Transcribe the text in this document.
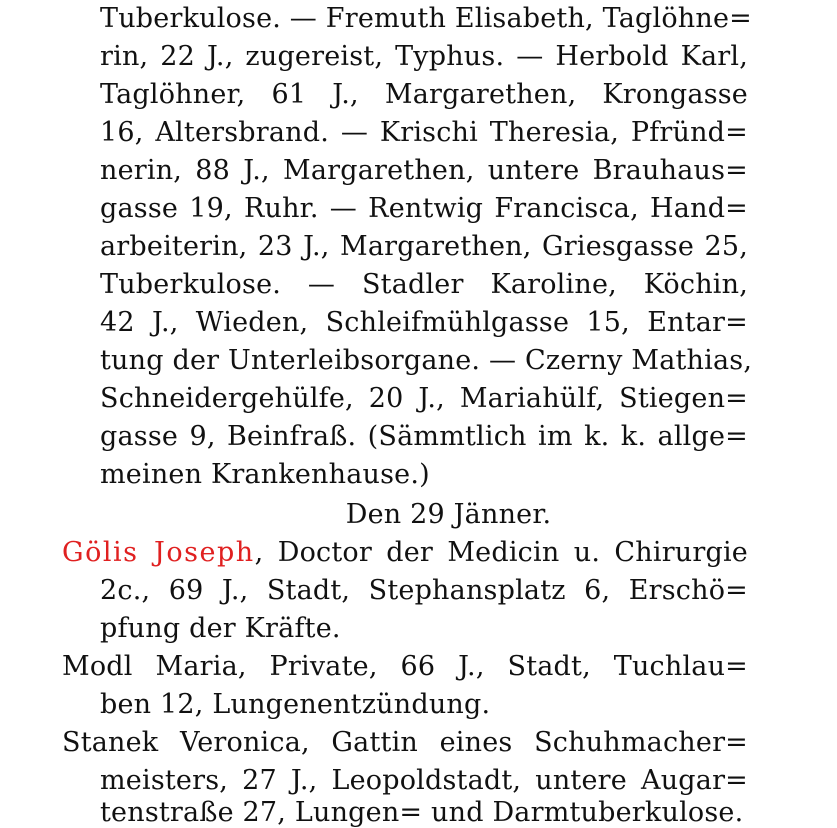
Tuberkulose. — Fremuth Elisabeth, Taglöhne=
rin, 22 J., zugereist, Typhus. — Herbold Karl,
Taglöhner, 61 J., Margarethen, Krongasse
16, Altersbrand. — Krischi Theresia, Pfründ=
nerin, 88 J., Margarethen, untere Brauhaus=
gasse 19, Ruhr. — Rentwig Francisca, Hand=
arbeiterin, 23 J., Margarethen, Griesgasse 25,
Tuberkulose. — Stadler Karoline, Köchin,
42 J., Wieden, Schleifmühlgasse 15, Entar=
tung der Unterleibsorgane. — Czerny Mathias,
Schneidergehülfe, 20 J., Mariahülf, Stiegen=
gasse 9, Beinfraß. (Sämmtlich im k. k. allge=
meinen Krankenhause.)
Den 29 Jänner.
Gölis Joseph, Doctor der Medicin u. Chirurgie
2c., 69 J., Stadt, Stephansplatz 6, Erschö=
pfung der Kräfte.
Modl Maria, Private, 66 J., Stadt, Tuchlau=
ben 12, Lungenentzündung.
Stanek Veronica, Gattin eines Schuhmacher=
meisters, 27 J., Leopoldstadt, untere Augar=
tenstraße 27, Lungen= und Darmtuberkulose.
